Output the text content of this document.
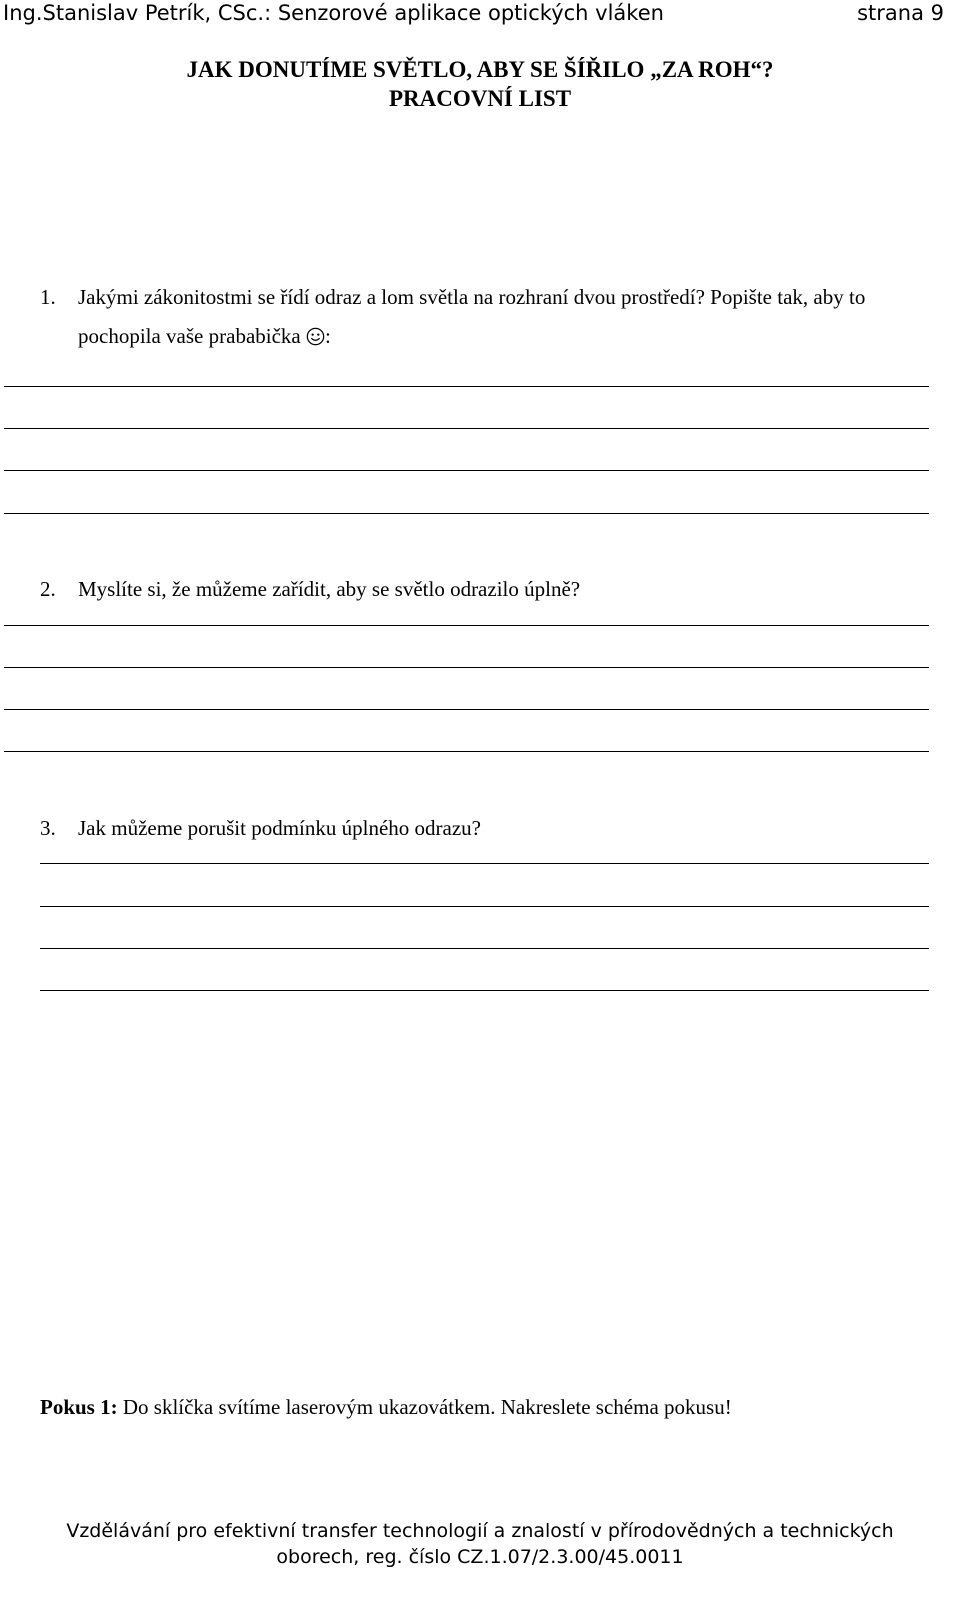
Ing.Stanislav Petrík, CSc.: Senzorové aplikace optických vláken	strana 9
JAK DONUTÍME SVĚTLO, ABY SE ŠÍŘILO „ZA ROH“?
PRACOVNÍ LIST
1. Jakými zákonitostmi se řídí odraz a lom světla na rozhraní dvou prostředí? Popište tak, aby to
pochopila vaše prababička :
2. Myslíte si, že můžeme zařídit, aby se světlo odrazilo úplně?
3. Jak můžeme porušit podmínku úplného odrazu?
Pokus 1: Do sklíčka svítíme laserovým ukazovátkem. Nakreslete schéma pokusu!
Vzdělávání pro efektivní transfer technologií a znalostí v přírodovědných a technických
oborech, reg. číslo CZ.1.07/2.3.00/45.0011
